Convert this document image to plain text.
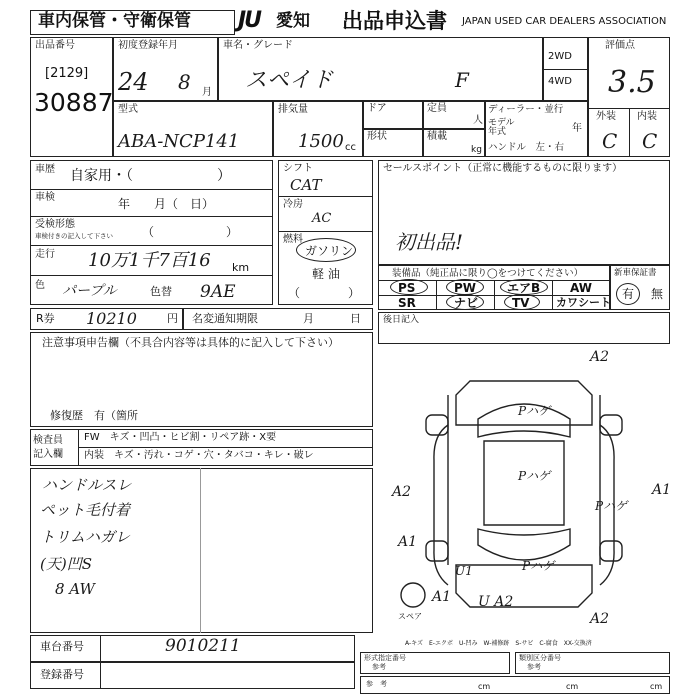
車内保管・守衛保管 JU 愛知 出品申込書 JAPAN USED CAR DEALERS ASSOCIATION
出品番号
[2129]
30887
初度登録年月
24 8 月
車名・グレード
スペイド	F
2WD
4WD
評価点
3.5
外装 内装
C C
型式
ABA-NCP141
排気量
1500 cc
ドア	定員
人
形状	積載
kg
ディーラー・並行
モデル
年式	年
ハンドル　左・右
車歴 自家用・（　　　　　　）
車検	年　　月（　日）
受検形態
車検付きの記入して下さい （　　　　　　）
走行 10万1千7百16 km
色 パープル	色替 9AE
シフト
CAT
冷房
AC
燃料
ガソリン
軽 油
（　　　　）
セールスポイント（正常に機能するものに限ります）
初出品!
装備品（純正品に限り◯をつけてください）
PS	PW	エアB AW
SR	ナビ	TV カワシート
新車保証書
有 無
R券 10210	円 名変通知期限	月	日
注意事項申告欄（不具合内容等は具体的に記入して下さい）
修復歴　有（箇所
後日記入
検査員
記入欄
FW　キズ・凹凸・ヒビ割・リペア跡・X要
内装　キズ・汚れ・コゲ・穴・タバコ・キレ・破レ
ハンドルスレ
ペット毛付着
トリムハガレ
(天)凹S
8 AW
A2
A2	A1
A1
A1
U1
U A2
A2
Pハゲ
Pハゲ
Pハゲ
Pハゲ
スペア
A-キズ　E-エクボ　U-凹み　W-補修跡　S-サビ　C-腐食　XX-交換済
車台番号	9010211
登録番号
形式指定番号
参考
類別区分番号
参考
参　考	cm	cm	cm
